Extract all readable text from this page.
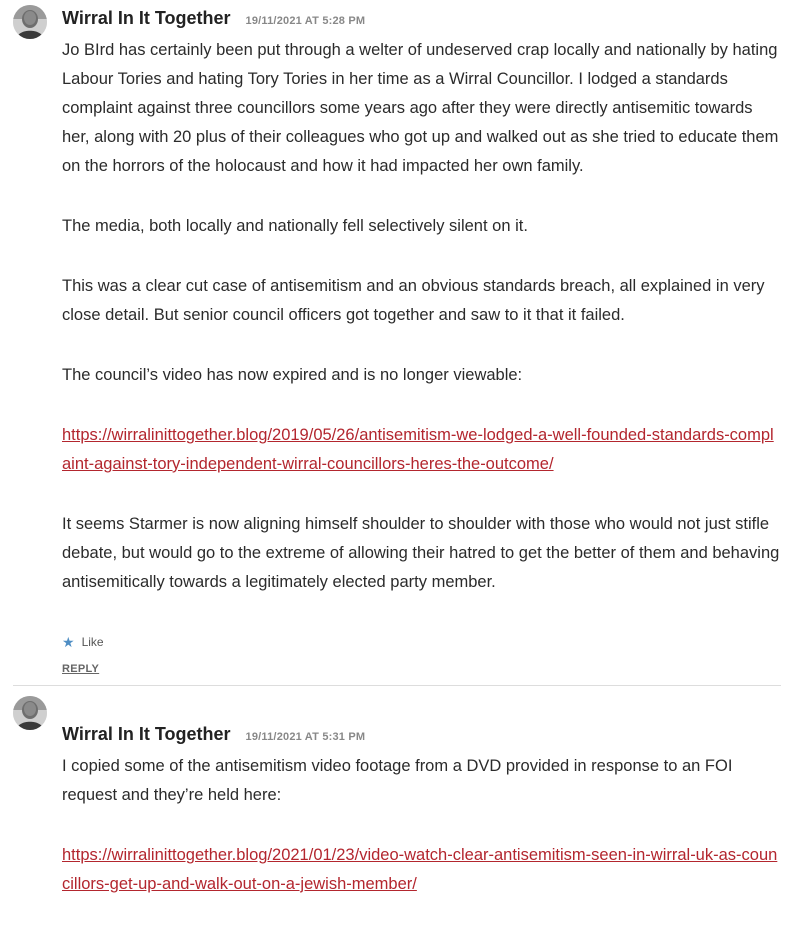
Wirral In It Together 19/11/2021 AT 5:28 PM

Jo BIrd has certainly been put through a welter of undeserved crap locally and nationally by hating Labour Tories and hating Tory Tories in her time as a Wirral Councillor. I lodged a standards complaint against three councillors some years ago after they were directly antisemitic towards her, along with 20 plus of their colleagues who got up and walked out as she tried to educate them on the horrors of the holocaust and how it had impacted her own family.

The media, both locally and nationally fell selectively silent on it.

This was a clear cut case of antisemitism and an obvious standards breach, all explained in very close detail. But senior council officers got together and saw to it that it failed.

The council’s video has now expired and is no longer viewable:

https://wirralinittogether.blog/2019/05/26/antisemitism-we-lodged-a-well-founded-standards-complaint-against-tory-independent-wirral-councillors-heres-the-outcome/

It seems Starmer is now aligning himself shoulder to shoulder with those who would not just stifle debate, but would go to the extreme of allowing their hatred to get the better of them and behaving antisemitically towards a legitimately elected party member.

★ Like
REPLY
Wirral In It Together 19/11/2021 AT 5:31 PM

I copied some of the antisemitism video footage from a DVD provided in response to an FOI request and they’re held here:

https://wirralinittogether.blog/2021/01/23/video-watch-clear-antisemitism-seen-in-wirral-uk-as-councillors-get-up-and-walk-out-on-a-jewish-member/
